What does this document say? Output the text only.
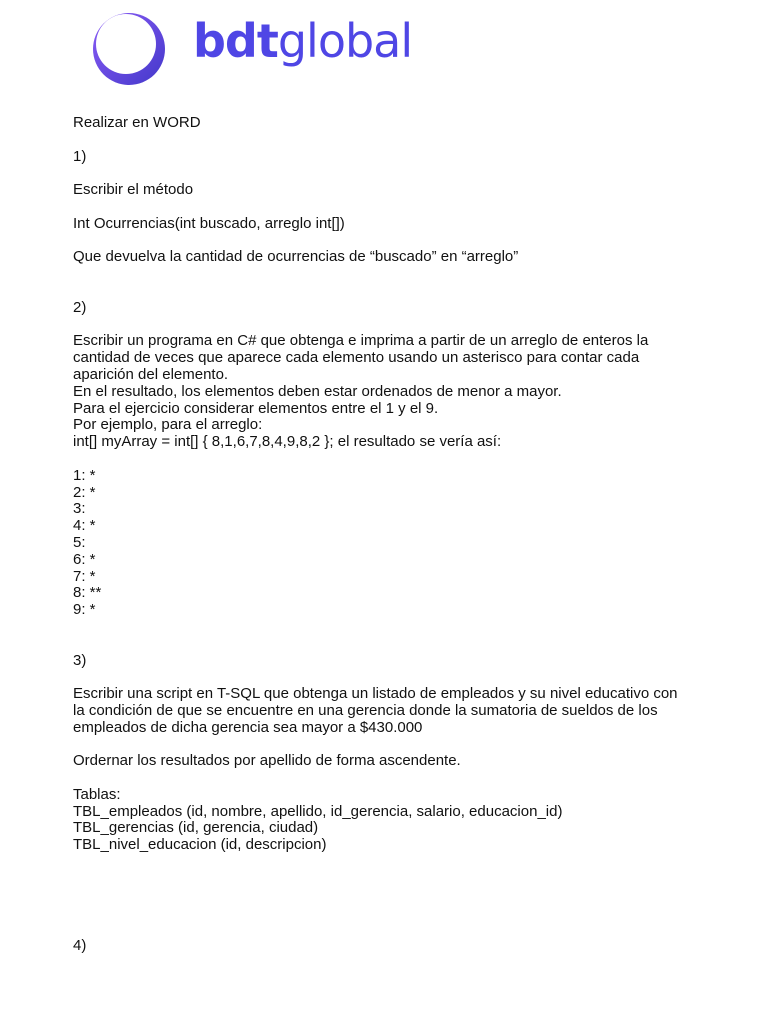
bdtglobal

Realizar en WORD

1)

Escribir el método

Int Ocurrencias(int buscado, arreglo int[])

Que devuelva la cantidad de ocurrencias de “buscado” en “arreglo”

2)

Escribir un programa en C# que obtenga e imprima a partir de un arreglo de enteros la cantidad de veces que aparece cada elemento usando un asterisco para contar cada aparición del elemento.

En el resultado, los elementos deben estar ordenados de menor a mayor.

Para el ejercicio considerar elementos entre el 1 y el 9.

Por ejemplo, para el arreglo:

int[] myArray = int[] { 8,1,6,7,8,4,9,8,2 }; el resultado se vería así:

1: *

2: *

3:

4: *

5:

6: *

7: *

8: **

9: *

3)

Escribir una script en T-SQL que obtenga un listado de empleados y su nivel educativo con la condición de que se encuentre en una gerencia donde la sumatoria de sueldos de los empleados de dicha gerencia sea mayor a $430.000

Ordernar los resultados por apellido de forma ascendente.

Tablas:

TBL_empleados (id, nombre, apellido, id_gerencia, salario, educacion_id)

TBL_gerencias (id, gerencia, ciudad)

TBL_nivel_educacion (id, descripcion)

4)
